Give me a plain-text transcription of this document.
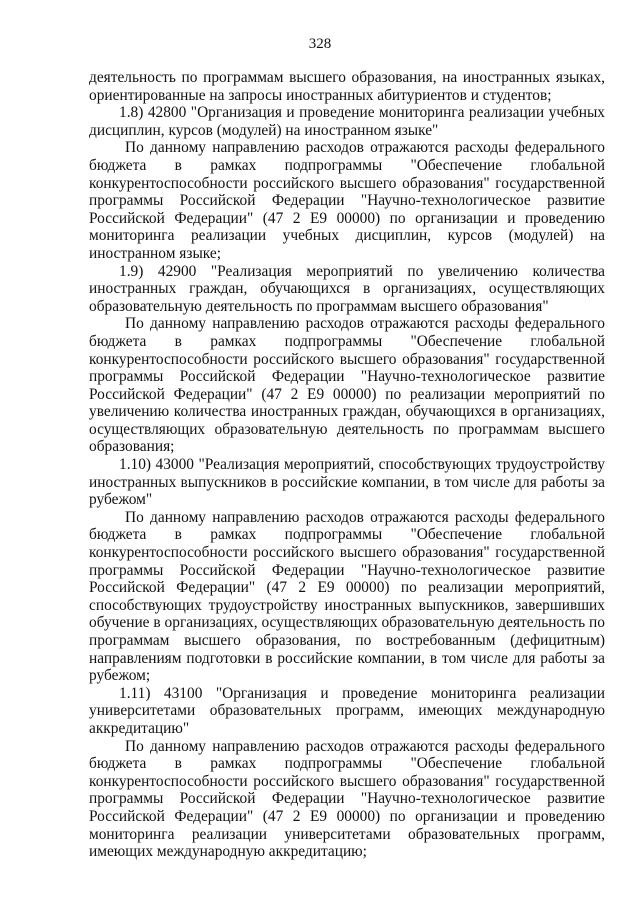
328

деятельность по программам высшего образования, на иностранных языках, ориентированные на запросы иностранных абитуриентов и студентов;

1.8) 42800 "Организация и проведение мониторинга реализации учебных дисциплин, курсов (модулей) на иностранном языке"

По данному направлению расходов отражаются расходы федерального бюджета в рамках подпрограммы "Обеспечение глобальной конкурентоспособности российского высшего образования" государственной программы Российской Федерации "Научно-технологическое развитие Российской Федерации" (47 2 Е9 00000) по организации и проведению мониторинга реализации учебных дисциплин, курсов (модулей) на иностранном языке;

1.9) 42900 "Реализация мероприятий по увеличению количества иностранных граждан, обучающихся в организациях, осуществляющих образовательную деятельность по программам высшего образования"

По данному направлению расходов отражаются расходы федерального бюджета в рамках подпрограммы "Обеспечение глобальной конкурентоспособности российского высшего образования" государственной программы Российской Федерации "Научно-технологическое развитие Российской Федерации" (47 2 Е9 00000) по реализации мероприятий по увеличению количества иностранных граждан, обучающихся в организациях, осуществляющих образовательную деятельность по программам высшего образования;

1.10) 43000 "Реализация мероприятий, способствующих трудоустройству иностранных выпускников в российские компании, в том числе для работы за рубежом"

По данному направлению расходов отражаются расходы федерального бюджета в рамках подпрограммы "Обеспечение глобальной конкурентоспособности российского высшего образования" государственной программы Российской Федерации "Научно-технологическое развитие Российской Федерации" (47 2 Е9 00000) по реализации мероприятий, способствующих трудоустройству иностранных выпускников, завершивших обучение в организациях, осуществляющих образовательную деятельность по программам высшего образования, по востребованным (дефицитным) направлениям подготовки в российские компании, в том числе для работы за рубежом;

1.11) 43100 "Организация и проведение мониторинга реализации университетами образовательных программ, имеющих международную аккредитацию"

По данному направлению расходов отражаются расходы федерального бюджета в рамках подпрограммы "Обеспечение глобальной конкурентоспособности российского высшего образования" государственной программы Российской Федерации "Научно-технологическое развитие Российской Федерации" (47 2 Е9 00000) по организации и проведению мониторинга реализации университетами образовательных программ, имеющих международную аккредитацию;
